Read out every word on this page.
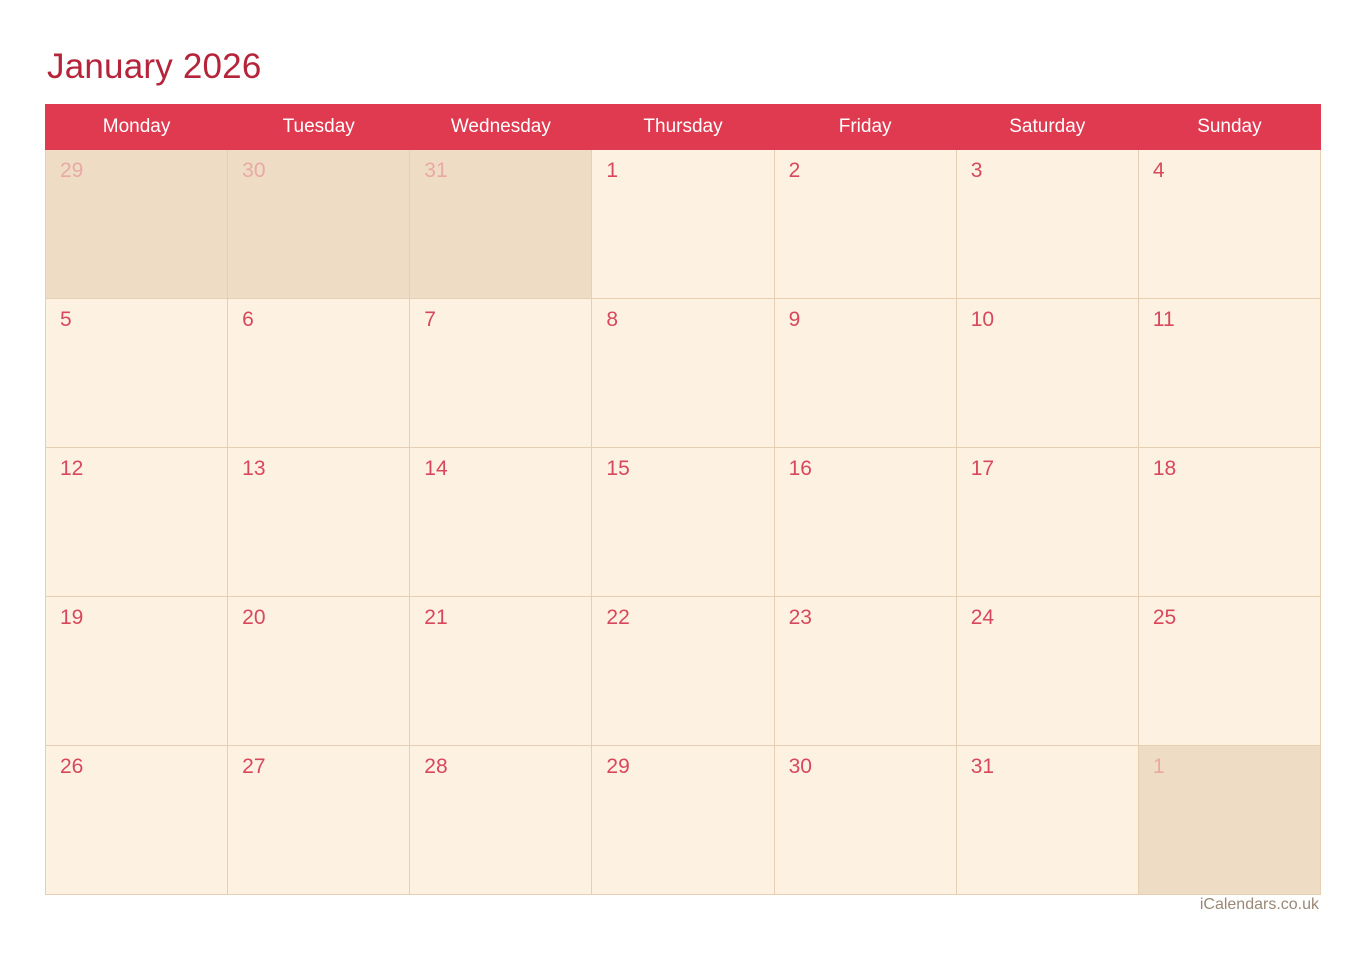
January 2026
Monday	Tuesday	Wednesday	Thursday	Friday	Saturday	Sunday

29	30	31	1	2	3	4

5	6	7	8	9	10	11

12	13	14	15	16	17	18

19	20	21	22	23	24	25

26	27	28	29	30	31	1
iCalendars.co.uk
